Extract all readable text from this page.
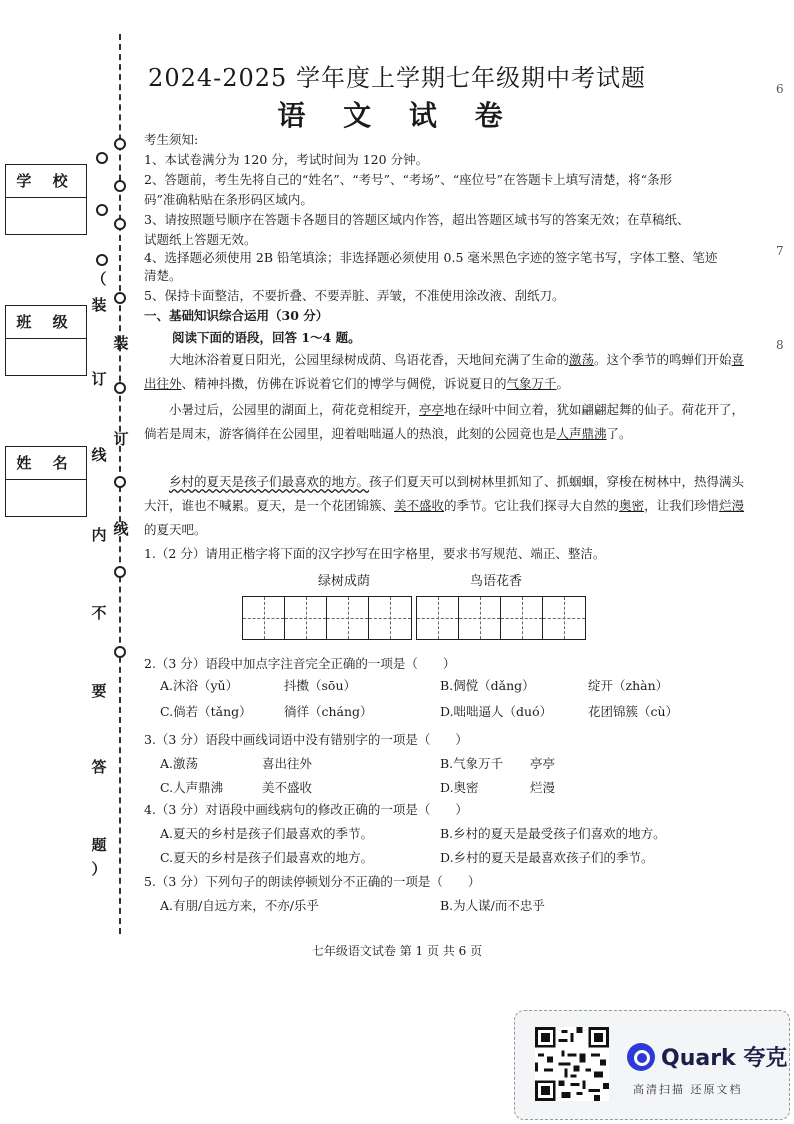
（
装
装
订
订
线
线
内
不
要
答
题
）
学 校
班 级
姓 名
6
7
8
2024-2025 学年度上学期七年级期中考试题
语 文 试 卷
考生须知:
1、本试卷满分为 120 分，考试时间为 120 分钟。
2、答题前，考生先将自己的“姓名”、“考号”、“考场”、“座位号”在答题卡上填写清楚，将“条形
码”准确粘贴在条形码区域内。
3、请按照题号顺序在答题卡各题目的答题区域内作答，超出答题区域书写的答案无效；在草稿纸、
试题纸上答题无效。
4、选择题必须使用 2B 铅笔填涂；非选择题必须使用 0.5 毫米黑色字迹的签字笔书写，字体工整、笔迹
清楚。
5、保持卡面整洁，不要折叠、不要弄脏、弄皱，不准使用涂改液、刮纸刀。
一、基础知识综合运用（30 分）
阅读下面的语段，回答 1～4 题。
大地沐浴着夏日阳光，公园里绿树成荫、鸟语花香，天地间充满了生命的激荡。这个季节的鸣蝉们开始喜出往外、精神抖擞，仿佛在诉说着它们的博学与倜傥，诉说夏日的气象万千。
小暑过后，公园里的湖面上，荷花竞相绽开，亭亭地在绿叶中间立着，犹如翩翩起舞的仙子。荷花开了，倘若是周末，游客徜徉在公园里，迎着咄咄逼人的热浪，此刻的公园竟也是人声鼎沸了。
乡村的夏天是孩子们最喜欢的地方。孩子们夏天可以到树林里抓知了、抓蝈蝈，穿梭在树林中，热得满头大汗，谁也不喊累。夏天，是一个花团锦簇、美不盛收的季节。它让我们探寻大自然的奥密，让我们珍惜烂漫的夏天吧。
1.（2 分）请用正楷字将下面的汉字抄写在田字格里，要求书写规范、端正、整洁。
绿树成荫	鸟语花香
2.（3 分）语段中加点字注音完全正确的一项是（　　）
A.沐浴（yǔ）	抖擞（sōu）	B.倜傥（dǎng）	绽开（zhàn）
C.倘若（tǎng）	徜徉（cháng）	D.咄咄逼人（duó）	花团锦簇（cù）
3.（3 分）语段中画线词语中没有错别字的一项是（　　）
A.激荡	喜出往外	B.气象万千 亭亭
C.人声鼎沸	美不盛收	D.奥密	烂漫
4.（3 分）对语段中画线病句的修改正确的一项是（　　）
A.夏天的乡村是孩子们最喜欢的季节。	B.乡村的夏天是最受孩子们喜欢的地方。
C.夏天的乡村是孩子们最喜欢的地方。	D.乡村的夏天是最喜欢孩子们的季节。
5.（3 分）下列句子的朗读停顿划分不正确的一项是（　　）
A.有朋/自远方来，不亦/乐乎	B.为人谋/而不忠乎
七年级语文试卷 第 1 页 共 6 页
Quark 夸克
高清扫描 还原文档
